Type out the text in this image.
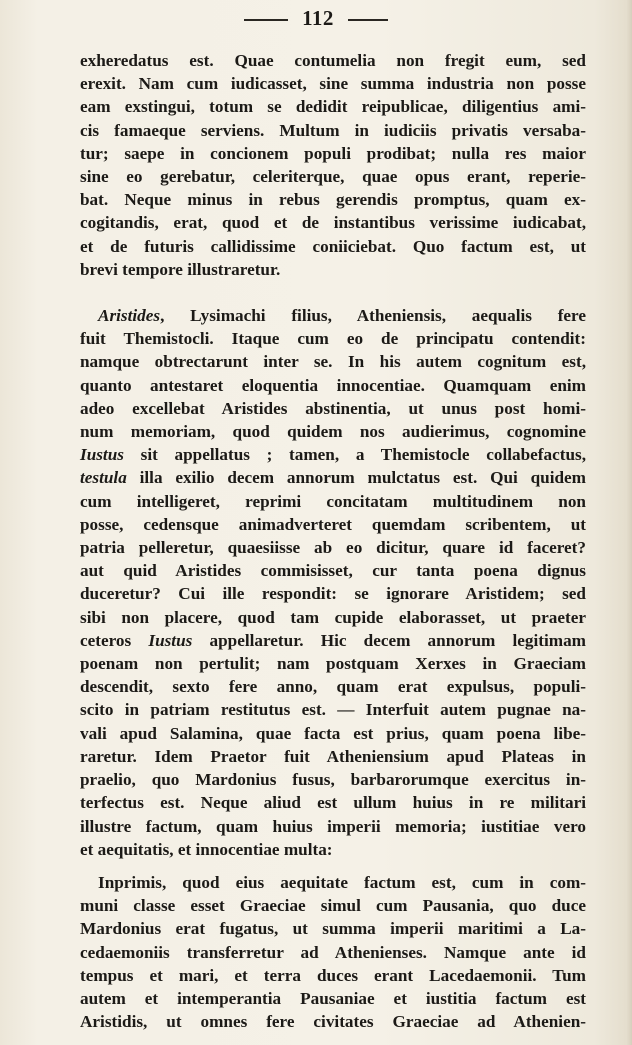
112
exheredatus est. Quae contumelia non fregit eum, sed
erexit. Nam cum iudicasset, sine summa industria non posse
eam exstingui, totum se dedidit reipublicae, diligentius ami-
cis famaeque serviens. Multum in iudiciis privatis versaba-
tur; saepe in concionem populi prodibat; nulla res maior
sine eo gerebatur, celeriterque, quae opus erant, reperie-
bat. Neque minus in rebus gerendis promptus, quam ex-
cogitandis, erat, quod et de instantibus verissime iudicabat,
et de futuris callidissime coniiciebat. Quo factum est, ut
brevi tempore illustraretur.
Aristides, Lysimachi filius, Atheniensis, aequalis fere
fuit Themistocli. Itaque cum eo de principatu contendit:
namque obtrectarunt inter se. In his autem cognitum est,
quanto antestaret eloquentia innocentiae. Quamquam enim
adeo excellebat Aristides abstinentia, ut unus post homi-
num memoriam, quod quidem nos audierimus, cognomine
Iustus sit appellatus ; tamen, a Themistocle collabefactus,
testula illa exilio decem annorum mulctatus est. Qui quidem
cum intelligeret, reprimi concitatam multitudinem non
posse, cedensque animadverteret quemdam scribentem, ut
patria pelleretur, quaesiisse ab eo dicitur, quare id faceret?
aut quid Aristides commisisset, cur tanta poena dignus
duceretur? Cui ille respondit: se ignorare Aristidem; sed
sibi non placere, quod tam cupide elaborasset, ut praeter
ceteros Iustus appellaretur. Hic decem annorum legitimam
poenam non pertulit; nam postquam Xerxes in Graeciam
descendit, sexto fere anno, quam erat expulsus, populi-
scito in patriam restitutus est. — Interfuit autem pugnae na-
vali apud Salamina, quae facta est prius, quam poena libe-
raretur. Idem Praetor fuit Atheniensium apud Plateas in
praelio, quo Mardonius fusus, barbarorumque exercitus in-
terfectus est. Neque aliud est ullum huius in re militari
illustre factum, quam huius imperii memoria; iustitiae vero
et aequitatis, et innocentiae multa:
Inprimis, quod eius aequitate factum est, cum in com-
muni classe esset Graeciae simul cum Pausania, quo duce
Mardonius erat fugatus, ut summa imperii maritimi a La-
cedaemoniis transferretur ad Athenienses. Namque ante id
tempus et mari, et terra duces erant Lacedaemonii. Tum
autem et intemperantia Pausaniae et iustitia factum est
Aristidis, ut omnes fere civitates Graeciae ad Athenien-
